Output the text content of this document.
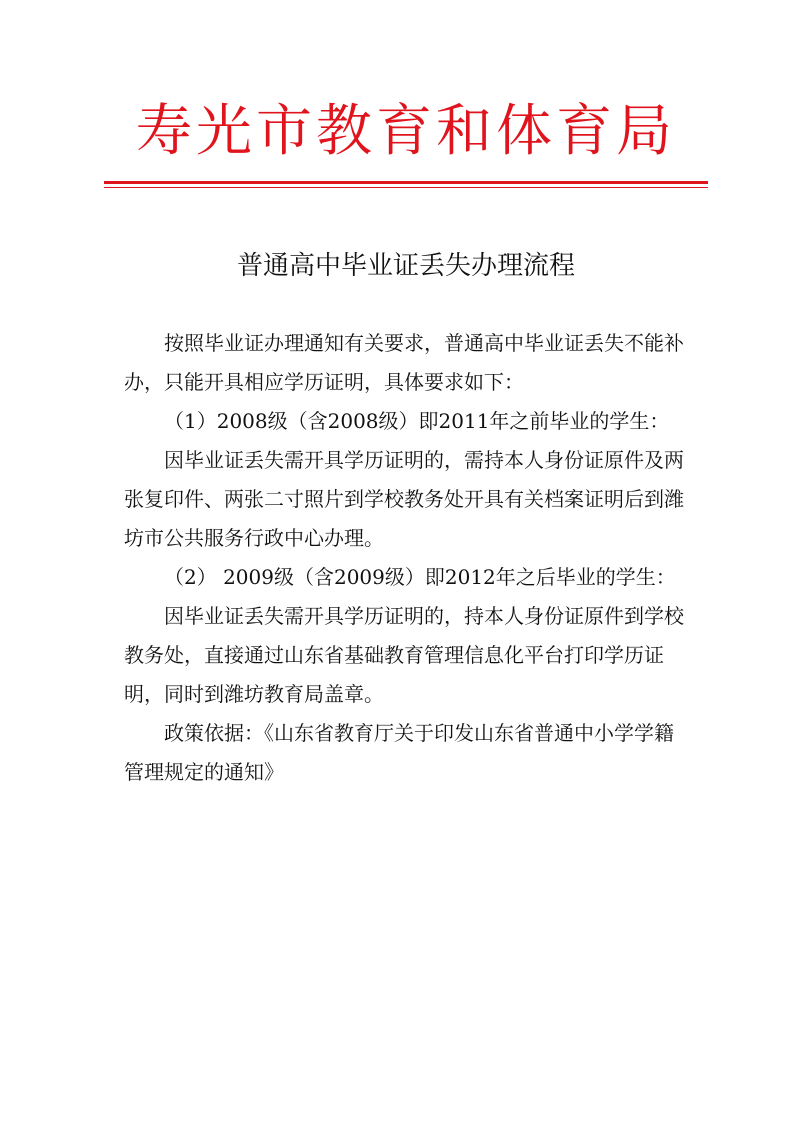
寿光市教育和体育局
普通高中毕业证丢失办理流程

按照毕业证办理通知有关要求，普通高中毕业证丢失不能补办，只能开具相应学历证明，具体要求如下：

（1）2008级（含2008级）即2011年之前毕业的学生：

因毕业证丢失需开具学历证明的，需持本人身份证原件及两张复印件、两张二寸照片到学校教务处开具有关档案证明后到潍坊市公共服务行政中心办理。

（2） 2009级（含2009级）即2012年之后毕业的学生：

因毕业证丢失需开具学历证明的，持本人身份证原件到学校教务处，直接通过山东省基础教育管理信息化平台打印学历证明，同时到潍坊教育局盖章。

政策依据：《山东省教育厅关于印发山东省普通中小学学籍管理规定的通知》
